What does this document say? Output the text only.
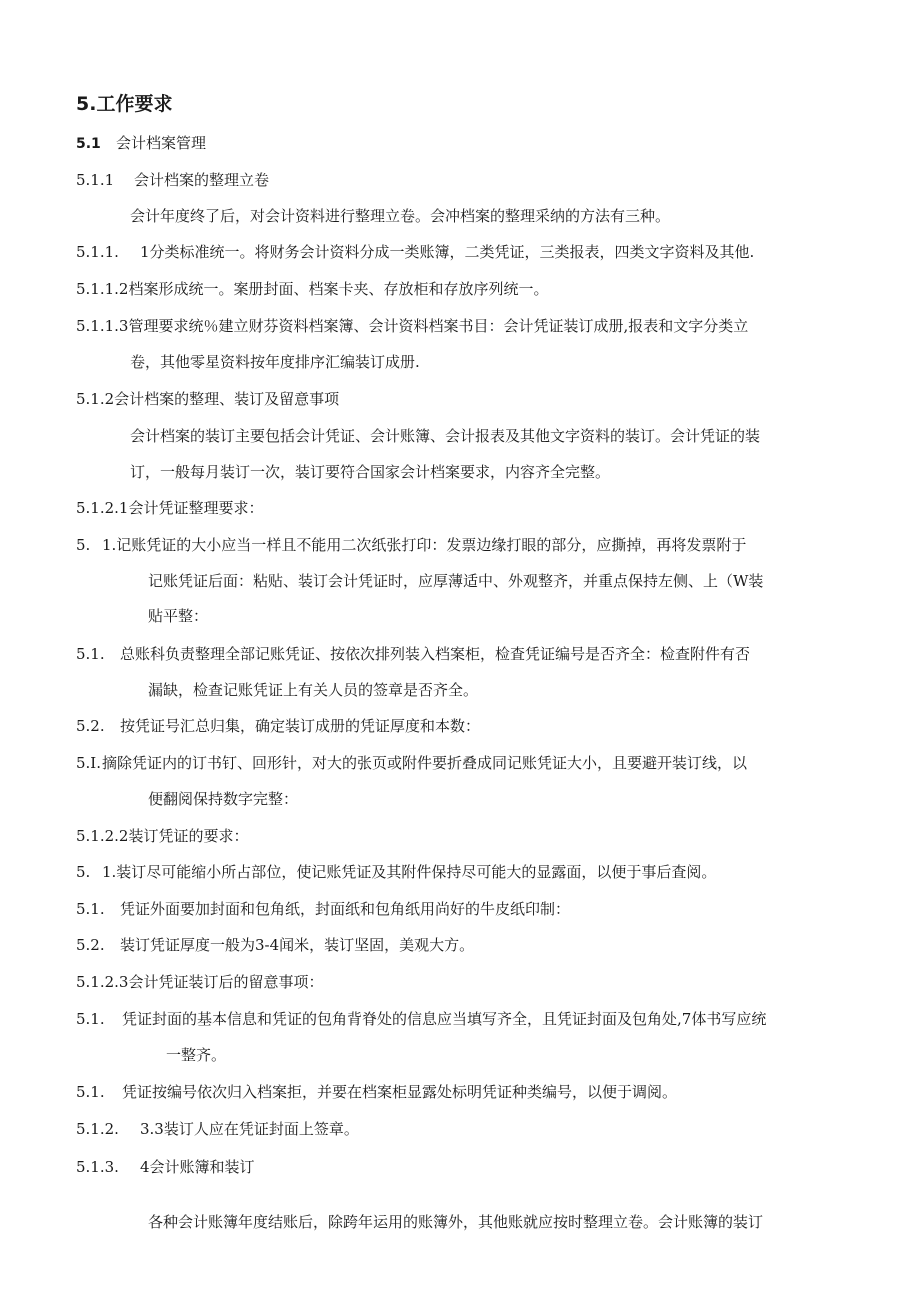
5.工作要求
5.1 会计档案管理
5.1.1 会计档案的整理立卷
会计年度终了后，对会计资料进行整理立卷。会冲档案的整理采纳的方法有三种。
5.1.1. 1分类标准统一。将财务会计资料分成一类账簿，二类凭证，三类报表，四类文字资料及其他.
5.1.1.2档案形成统一。案册封面、档案卡夹、存放柜和存放序列统一。
5.1.1.3管理要求统％建立财芬资料档案簿、会计资料档案书目：会计凭证装订成册,报表和文字分类立
卷，其他零星资料按年度排序汇编装订成册.
5.1.2会计档案的整理、装订及留意事项
会计档案的装订主要包括会计凭证、会计账簿、会计报表及其他文字资料的装订。会计凭证的装
订，一般每月装订一次，装订要符合国家会计档案要求，内容齐全完整。
5.1.2.1会计凭证整理要求：
5. 1.记账凭证的大小应当一样且不能用二次纸张打印：发票边缘打眼的部分，应撕掉，再将发票附于
记账凭证后面：粘贴、装订会计凭证时，应厚薄适中、外观整齐，并重点保持左侧、上（W装
贴平整：
5.1. 总账科负责整理全部记账凭证、按依次排列装入档案柜，检査凭证编号是否齐全：检查附件有否
漏缺，检查记账凭证上有关人员的签章是否齐全。
5.2. 按凭证号汇总归集，确定装订成册的凭证厚度和本数：
5.I.摘除凭证内的订书钉、回形针，对大的张页或附件要折叠成同记账凭证大小，且要避开装订线，以
便翻阅保持数字完整：
5.1.2.2装订凭证的要求：
5. 1.装订尽可能缩小所占部位，使记账凭证及其附件保持尽可能大的显露面，以便于事后査阅。
5.1. 凭证外面要加封面和包角纸，封面纸和包角纸用尚好的牛皮纸印制：
5.2. 装订凭证厚度一般为3-4闻米，装订坚固，美观大方。
5.1.2.3会计凭证装订后的留意事项：
5.1. 凭证封面的基本信息和凭证的包角背脊处的信息应当填写齐全，且凭证封面及包角处,7体书写应统
一整齐。
5.1. 凭证按编号依次归入档案拒，并要在档案柜显露处标明凭证种类编号，以便于调阅。
5.1.2. 3.3装订人应在凭证封面上签章。
5.1.3. 4会计账簿和装订
各种会计账簿年度结账后，除跨年运用的账簿外，其他账就应按时整理立卷。会计账簿的装订
